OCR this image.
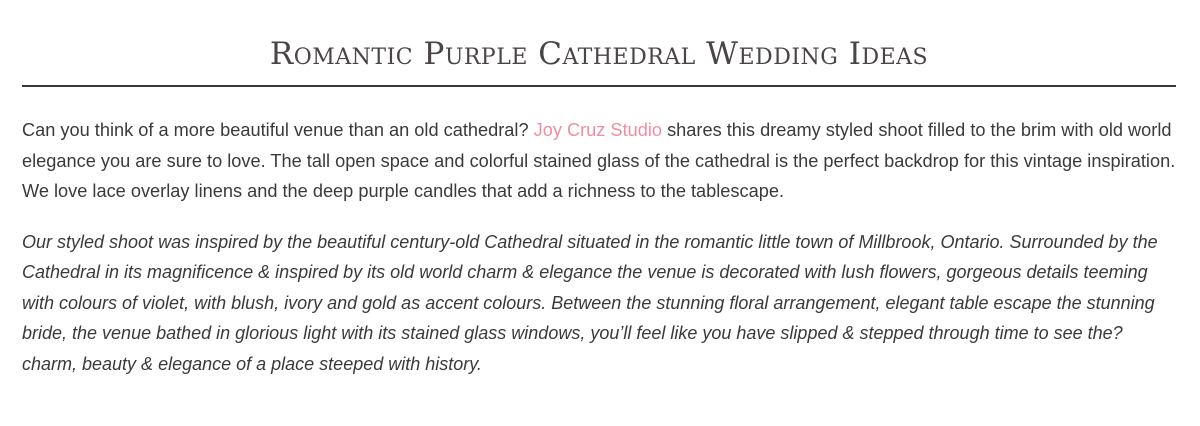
Romantic Purple Cathedral Wedding Ideas

Can you think of a more beautiful venue than an old cathedral? Joy Cruz Studio shares this dreamy styled shoot filled to the brim with old world elegance you are sure to love. The tall open space and colorful stained glass of the cathedral is the perfect backdrop for this vintage inspiration. We love lace overlay linens and the deep purple candles that add a richness to the tablescape.

Our styled shoot was inspired by the beautiful century-old Cathedral situated in the romantic little town of Millbrook, Ontario. Surrounded by the Cathedral in its magnificence & inspired by its old world charm & elegance the venue is decorated with lush flowers, gorgeous details teeming with colours of violet, with blush, ivory and gold as accent colours. Between the stunning floral arrangement, elegant table escape the stunning bride, the venue bathed in glorious light with its stained glass windows, you’ll feel like you have slipped & stepped through time to see the? charm, beauty & elegance of a place steeped with history.
